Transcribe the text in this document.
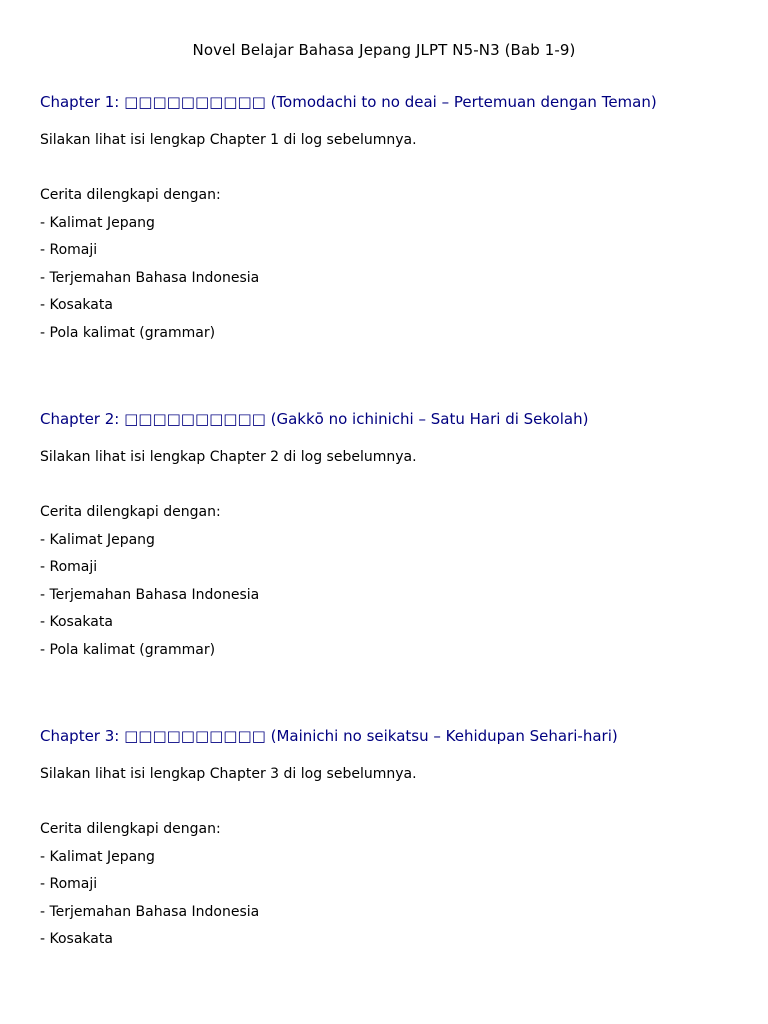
Novel Belajar Bahasa Jepang JLPT N5-N3 (Bab 1-9)
Chapter 1: □□□□□□□□□□ (Tomodachi to no deai – Pertemuan dengan Teman)

Silakan lihat isi lengkap Chapter 1 di log sebelumnya.

Cerita dilengkapi dengan:

- Kalimat Jepang
- Romaji
- Terjemahan Bahasa Indonesia
- Kosakata
- Pola kalimat (grammar)
Chapter 2: □□□□□□□□□□ (Gakkō no ichinichi – Satu Hari di Sekolah)

Silakan lihat isi lengkap Chapter 2 di log sebelumnya.

Cerita dilengkapi dengan:

- Kalimat Jepang
- Romaji
- Terjemahan Bahasa Indonesia
- Kosakata
- Pola kalimat (grammar)
Chapter 3: □□□□□□□□□□ (Mainichi no seikatsu – Kehidupan Sehari-hari)

Silakan lihat isi lengkap Chapter 3 di log sebelumnya.

Cerita dilengkapi dengan:

- Kalimat Jepang
- Romaji
- Terjemahan Bahasa Indonesia
- Kosakata
